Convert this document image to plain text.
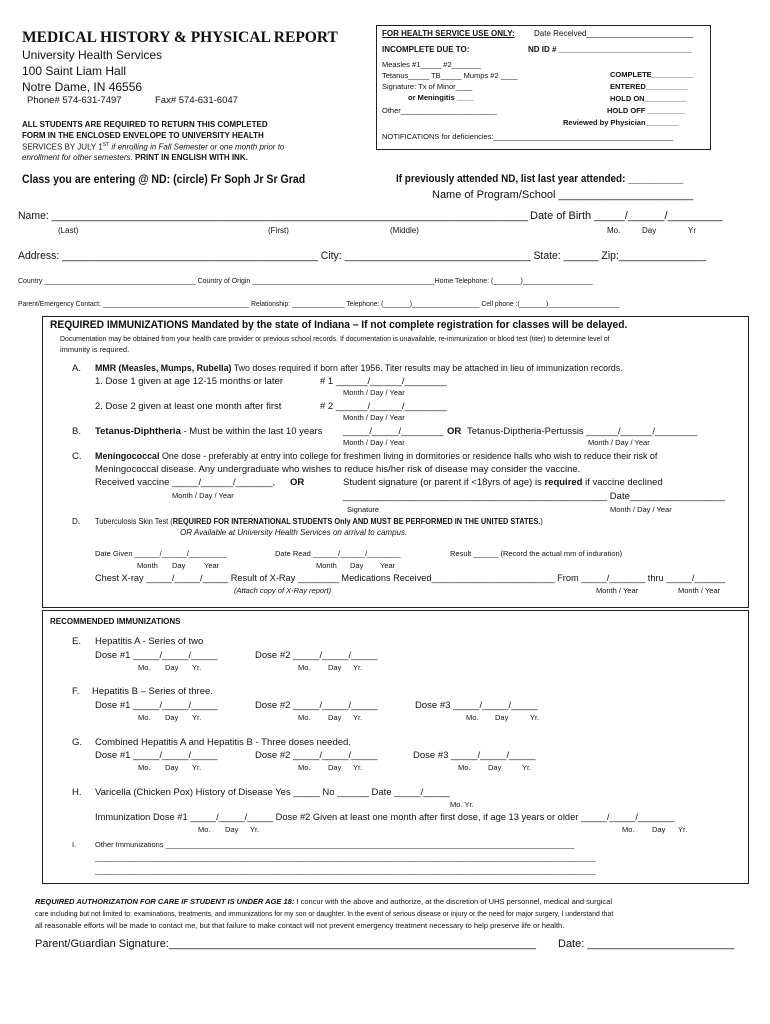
MEDICAL HISTORY & PHYSICAL REPORT
University Health Services
100 Saint Liam Hall
Notre Dame, IN 46556
Phone# 574-631-7497	Fax# 574-631-6047
ALL STUDENTS ARE REQUIRED TO RETURN THIS COMPLETED
FORM IN THE ENCLOSED ENVELOPE TO UNIVERSITY HEALTH
SERVICES BY JULY 1ST if enrolling in Fall Semester or one month prior to
enrollment for other semesters. PRINT IN ENGLISH WITH INK.
FOR HEALTH SERVICE USE ONLY: Date Received________________________
INCOMPLETE DUE TO:	ND ID # ______________________________
Measles #1_____ #2_______
Tetanus_____ TB_____ Mumps #2 ____
Signature: Tx of Minor____
or Meningitis ____
Other_______________________
COMPLETE__________
ENTERED__________
HOLD ON__________
HOLD OFF _________
Reviewed by Physician________
NOTIFICATIONS for deficiencies:___________________________________________
Class you are entering @ ND: (circle) Fr Soph Jr Sr Grad	If previously attended ND, list last year attended: __________
Name of Program/School ______________________
Name: __________________________________________________________________________________ Date of Birth _____/______/_________
(Last)	(First)	(Middle)	Mo.	Day	Yr
Address: ____________________________________________ City: ________________________________ State: ______ Zip:_______________
Country _______________________________________ Country of Origin _______________________________________________Home Telephone: (_______)__________________
Parent/Emergency Contact: _______________________________________ Relationship: ______________ Telephone: (_______)__________________ Cell phone :(_______)___________________
REQUIRED IMMUNIZATIONS Mandated by the state of Indiana – If not complete registration for classes will be delayed.
Documentation may be obtained from your health care provider or previous school records. If documentation is unavailable, re-immunization or blood test (titer) to determine level of
immunity is required.
A. MMR (Measles, Mumps, Rubella) Two doses required if born after 1956. Titer results may be attached in lieu of immunization records.
1. Dose 1 given at age 12-15 months or later	# 1 ______/______/________
Month / Day / Year
2. Dose 2 given at least one month after first	# 2 ______/______/________
Month / Day / Year
B. Tetanus-Diphtheria - Must be within the last 10 years _____/_____/________ OR Tetanus-Diptheria-Pertussis ______/______/________
Month / Day / Year	Month / Day / Year
C. Meningococcal One dose - preferably at entry into college for freshmen living in dormitories or residence halls who wish to reduce their risk of
Meningococcal disease. Any undergraduate who wishes to reduce his/her risk of disease may consider the vaccine.
Received vaccine _____/______/_______, OR	Student signature (or parent if <18yrs of age) is required if vaccine declined
Month / Day / Year	__________________________________________________ Date__________________
Signature	Month / Day / Year
D. Tuberculosis Skin Test (REQUIRED FOR INTERNATIONAL STUDENTS Only AND MUST BE PERFORMED IN THE UNITED STATES.)
OR Available at University Health Services on arrival to campus.
Date Given ______/______/_________	Date Read ______/______/________	Result ______ (Record the actual mm of induration)
Month Day Year	Month Day Year
Chest X-ray _____/_____/_____ Result of X-Ray ________ Medications Received________________________ From _____/_______ thru _____/______
(Attach copy of X-Ray report)	Month / Year	Month / Year
RECOMMENDED IMMUNIZATIONS
E. Hepatitis A - Series of two
Dose #1 _____/_____/_____	Dose #2 _____/_____/_____
Mo. Day Yr.	Mo. Day Yr.
F. Hepatitis B – Series of three.
Dose #1 _____/_____/_____	Dose #2 _____/_____/_____	Dose #3 _____/_____/_____
Mo. Day Yr.	Mo. Day Yr.	Mo. Day	Yr.
G. Combined Hepatitis A and Hepatitis B - Three doses needed.
Dose #1 _____/_____/_____	Dose #2 _____/_____/_____	Dose #3 _____/_____/_____
Mo. Day Yr.	Mo. Day Yr.	Mo. Day	Yr.
H. Varicella (Chicken Pox) History of Disease Yes _____ No ______ Date _____/_____
Mo. Yr.
Immunization Dose #1 _____/_____/_____ Dose #2 Given at least one month after first dose, if age 13 years or older _____/_____/_______
Mo. Day Yr.	Mo. Day Yr.
I.	Other Immunizations ___________________________________________________________________________________________________
________________________________________________________________________________________________________________________
________________________________________________________________________________________________________________________
REQUIRED AUTHORIZATION FOR CARE IF STUDENT IS UNDER AGE 18: I concur with the above and authorize, at the discretion of UHS personnel, medical and surgical
care including but not limited to: examinations, treatments, and immunizations for my son or daughter. In the event of serious disease or injury or the need for major surgery, I understand that
all reasonable efforts will be made to contact me, but that failure to make contact will not prevent emergency treatment necessary to help preserve life or health.
Parent/Guardian Signature:____________________________________________________________ Date: ________________________
